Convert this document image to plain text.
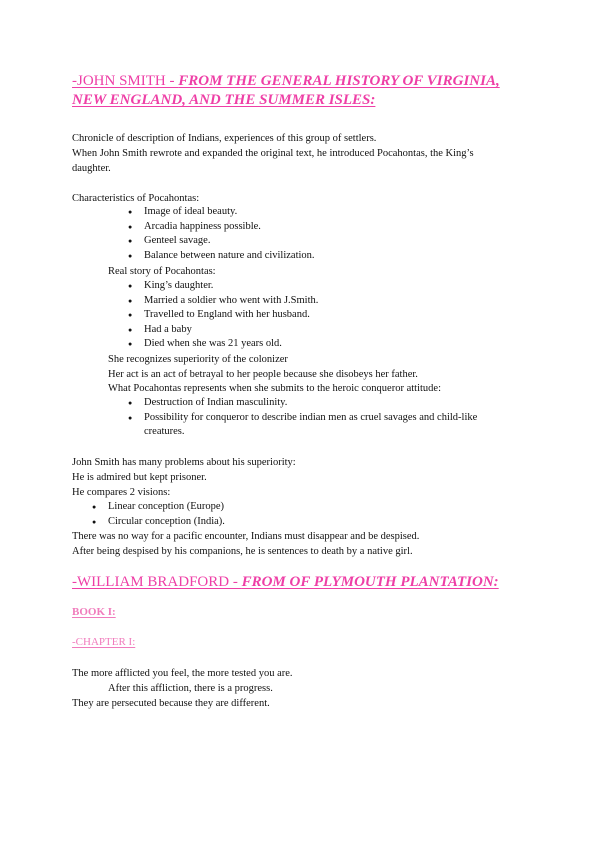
-JOHN SMITH - FROM THE GENERAL HISTORY OF VIRGINIA, NEW ENGLAND, AND THE SUMMER ISLES:

Chronicle of description of Indians, experiences of this group of settlers.

When John Smith rewrote and expanded the original text, he introduced Pocahontas, the King’s

daughter.

Characteristics of Pocahontas:

● Image of ideal beauty.
● Arcadia happiness possible.
● Genteel savage.
● Balance between nature and civilization.

Real story of Pocahontas:

● King’s daughter.
● Married a soldier who went with J.Smith.
● Travelled to England with her husband.
● Had a baby
● Died when she was 21 years old.

She recognizes superiority of the colonizer

Her act is an act of betrayal to her people because she disobeys her father.

What Pocahontas represents when she submits to the heroic conqueror attitude:

● Destruction of Indian masculinity.
● Possibility for conqueror to describe indian men as cruel savages and child-like creatures.

John Smith has many problems about his superiority:

He is admired but kept prisoner.

He compares 2 visions:

● Linear conception (Europe)
● Circular conception (India).

There was no way for a pacific encounter, Indians must disappear and be despised.

After being despised by his companions, he is sentences to death by a native girl.

-WILLIAM BRADFORD - FROM OF PLYMOUTH PLANTATION:

BOOK I:

-CHAPTER I:

The more afflicted you feel, the more tested you are.

After this affliction, there is a progress.

They are persecuted because they are different.
